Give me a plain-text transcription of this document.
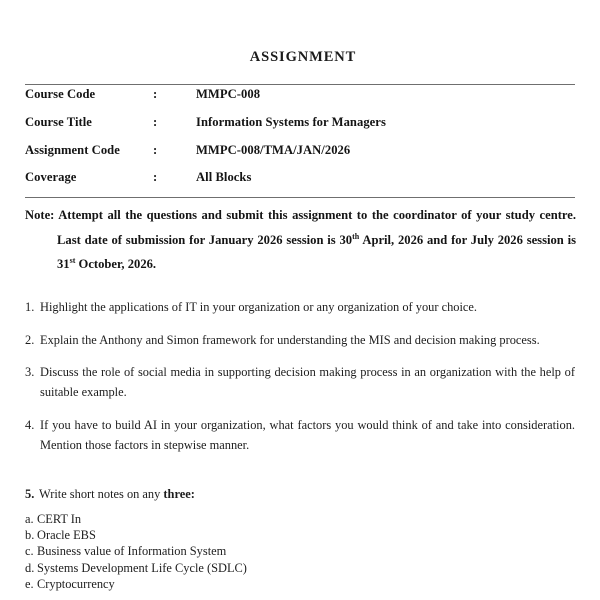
ASSIGNMENT
Course Code	:	MMPC-008
Course Title	:	Information Systems for Managers
Assignment Code	:	MMPC-008/TMA/JAN/2026
Coverage	:	All Blocks
Note: Attempt all the questions and submit this assignment to the coordinator of your study centre. Last date of submission for January 2026 session is 30th April, 2026 and for July 2026 session is 31st October, 2026.
1. Highlight the applications of IT in your organization or any organization of your choice.
2. Explain the Anthony and Simon framework for understanding the MIS and decision making process.
3. Discuss the role of social media in supporting decision making process in an organization with the help of suitable example.
4. If you have to build AI in your organization, what factors you would think of and take into consideration. Mention those factors in stepwise manner.
5. Write short notes on any three:
a. CERT In
b. Oracle EBS
c. Business value of Information System
d. Systems Development Life Cycle (SDLC)
e. Cryptocurrency
